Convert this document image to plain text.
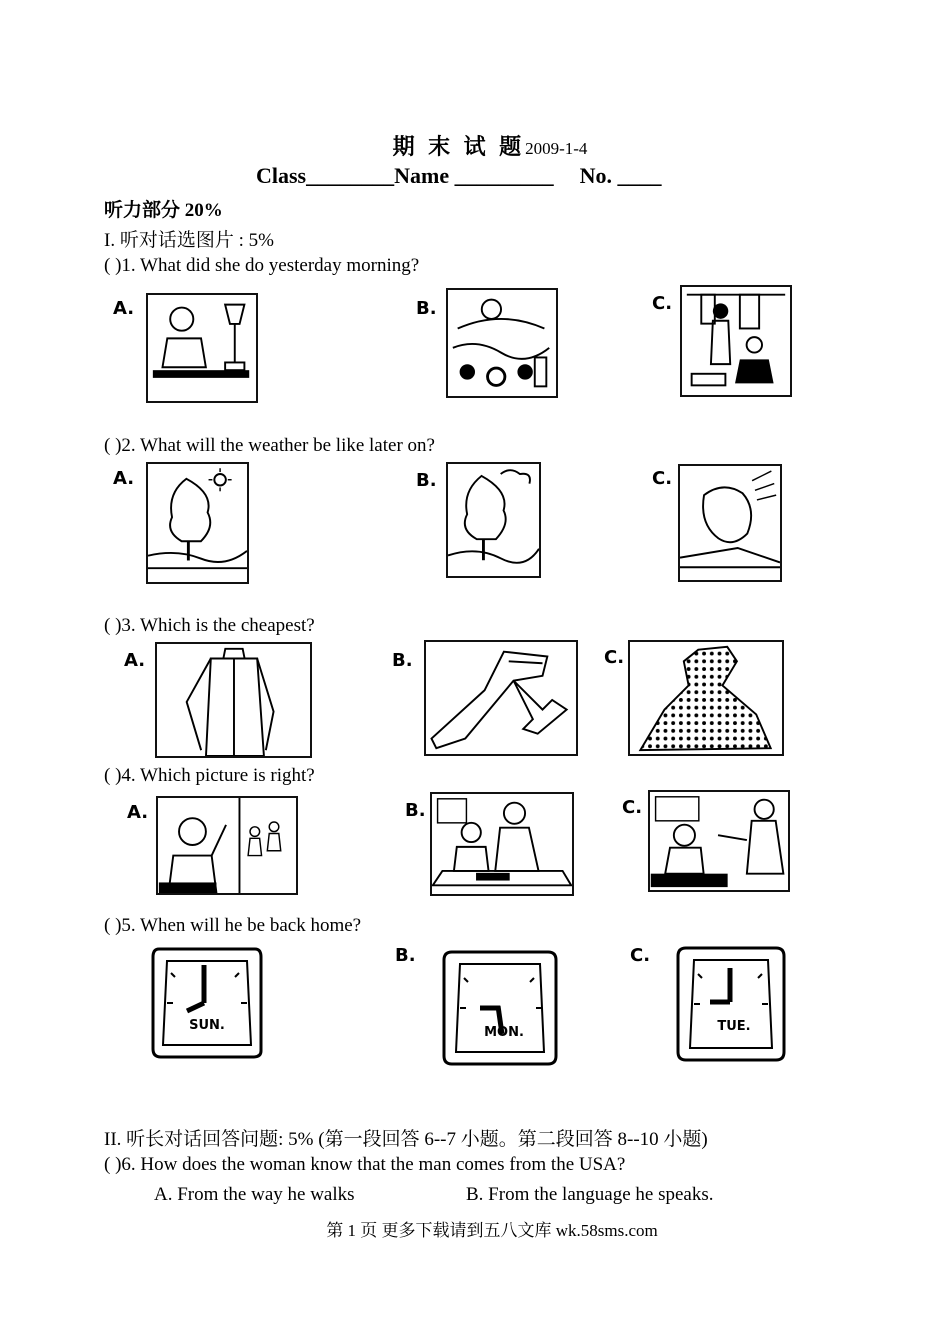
期 末 试 题2009-1-4
Class________Name _________ No. ____
听力部分 20%
I. 听对话选图片 : 5%
( )1. What did she do yesterday morning?
A.	B.	C.
( )2. What will the weather be like later on?
A.	B.	C.
( )3. Which is the cheapest?
A.	B.	C.
( )4. Which picture is right?
A.	B.	C.
( )5. When will he be back home?
SUN.
B.
MON.
C.
TUE.
II. 听长对话回答问题: 5% (第一段回答 6--7 小题。第二段回答 8--10 小题)
( )6. How does the woman know that the man comes from the USA?
A. From the way he walks	B. From the language he speaks.
第 1 页 更多下载请到五八文库 wk.58sms.com
